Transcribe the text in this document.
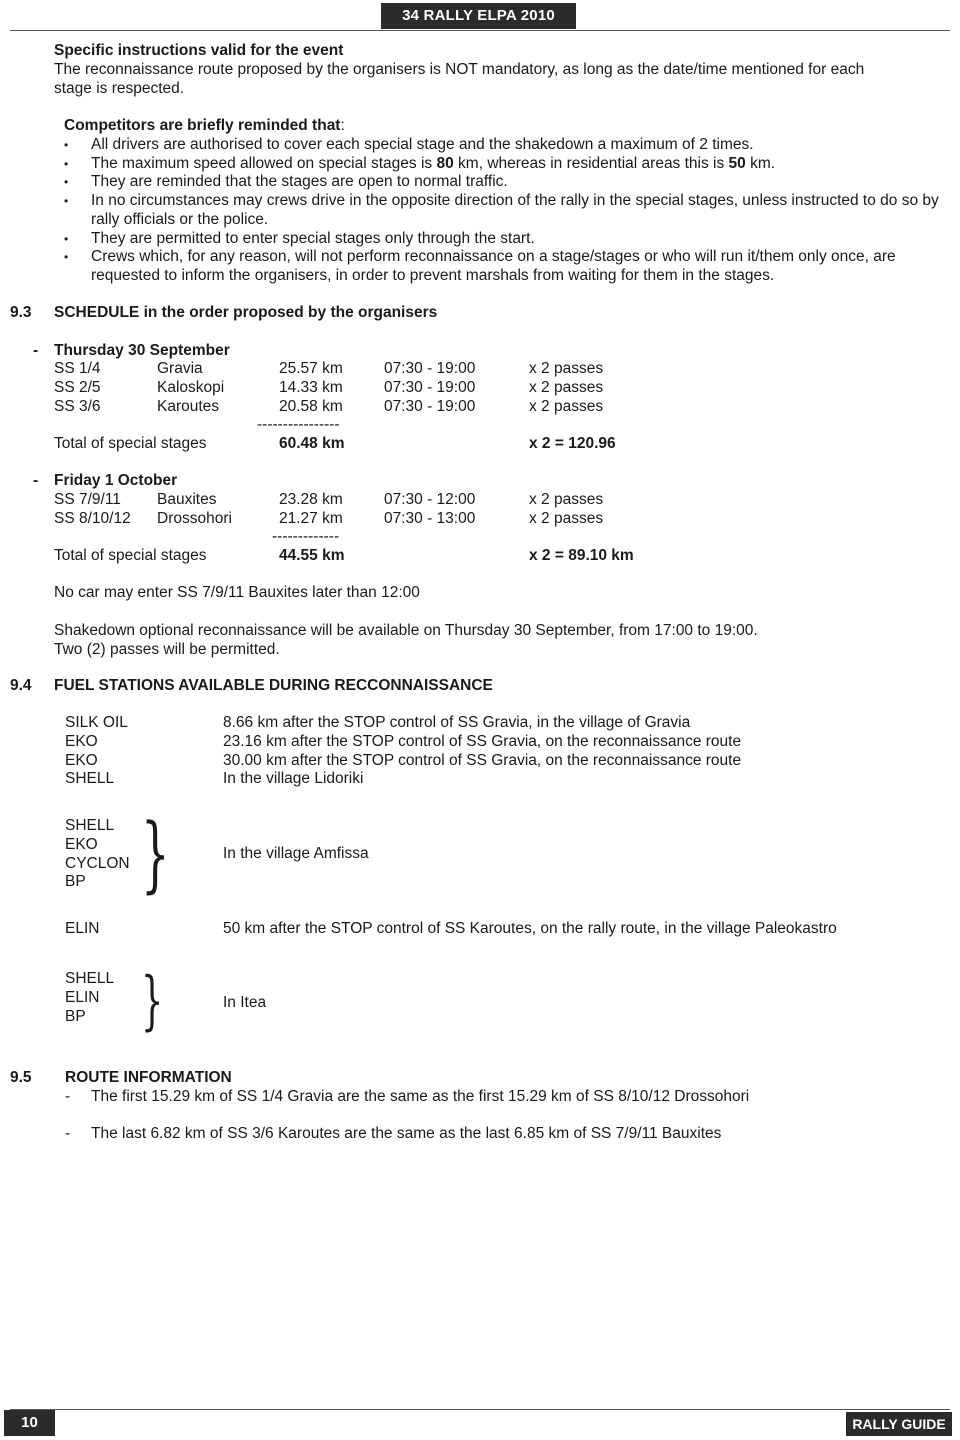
34 RALLY ELPA 2010
Specific instructions valid for the event
The reconnaissance route proposed by the organisers is NOT mandatory, as long as the date/time mentioned for each
stage is respected.
Competitors are briefly reminded that:
• All drivers are authorised to cover each special stage and the shakedown a maximum of 2 times.
• The maximum speed allowed on special stages is 80 km, whereas in residential areas this is 50 km.
• They are reminded that the stages are open to normal traffic.
• In no circumstances may crews drive in the opposite direction of the rally in the special stages, unless instructed to do so by rally officials or the police.
• They are permitted to enter special stages only through the start.
• Crews which, for any reason, will not perform reconnaissance on a stage/stages or who will run it/them only once, are requested to inform the organisers, in order to prevent marshals from waiting for them in the stages.
9.3 SCHEDULE in the order proposed by the organisers
- Thursday 30 September
SS 1/4	Gravia	25.57 km	07:30 - 19:00	x 2 passes
SS 2/5	Kaloskopi	14.33 km	07:30 - 19:00	x 2 passes
SS 3/6	Karoutes	20.58 km	07:30 - 19:00	x 2 passes
----------------
Total of special stages	60.48 km	x 2 = 120.96
- Friday 1 October
SS 7/9/11 Bauxites	23.28 km	07:30 - 12:00	x 2 passes
SS 8/10/12 Drossohori	21.27 km	07:30 - 13:00	x 2 passes
-------------
Total of special stages	44.55 km	x 2 = 89.10 km
No car may enter SS 7/9/11 Bauxites later than 12:00
Shakedown optional reconnaissance will be available on Thursday 30 September, from 17:00 to 19:00.
Two (2) passes will be permitted.
9.4 FUEL STATIONS AVAILABLE DURING RECCONNAISSANCE
SILK OIL	8.66 km after the STOP control of SS Gravia, in the village of Gravia
EKO	23.16 km after the STOP control of SS Gravia, on the reconnaissance route
EKO	30.00 km after the STOP control of SS Gravia, on the reconnaissance route
SHELL	In the village Lidoriki
SHELL
EKO
CYCLON
BP }	In the village Amfissa
ELIN	50 km after the STOP control of SS Karoutes, on the rally route, in the village Paleokastro
SHELL
ELIN
BP }	In Itea
9.5 ROUTE INFORMATION
- The first 15.29 km of SS 1/4 Gravia are the same as the first 15.29 km of SS 8/10/12 Drossohori
- The last 6.82 km of SS 3/6 Karoutes are the same as the last 6.85 km of SS 7/9/11 Bauxites
10	RALLY GUIDE
